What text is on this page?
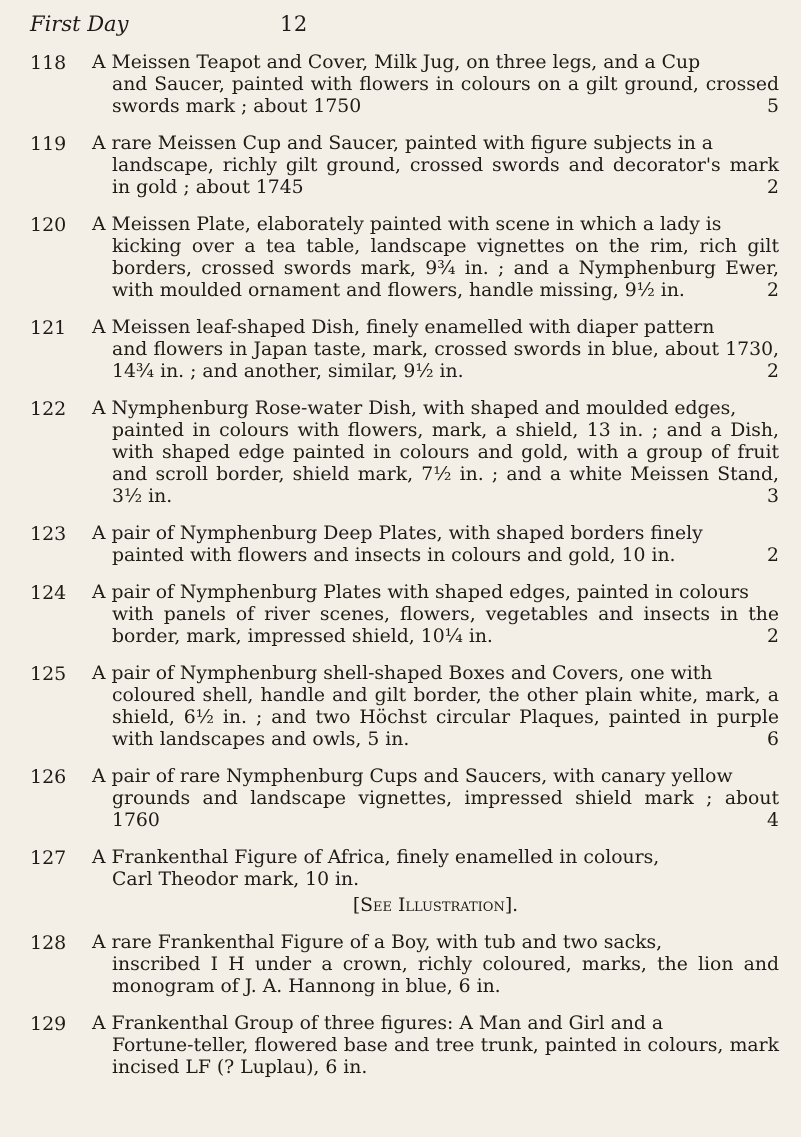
First Day	12
118	A Meissen Teapot and Cover, Milk Jug, on three legs, and a Cup
and Saucer, painted with flowers in colours on a gilt ground, crossed swords mark ; about 1750	5
119	A rare Meissen Cup and Saucer, painted with figure subjects in a
landscape, richly gilt ground, crossed swords and decorator's mark in gold ; about 1745	2
120	A Meissen Plate, elaborately painted with scene in which a lady is
kicking over a tea table, landscape vignettes on the rim, rich gilt borders, crossed swords mark, 9¾ in. ; and a Nymphenburg Ewer, with moulded ornament and flowers, handle missing, 9½ in.	2
121	A Meissen leaf-shaped Dish, finely enamelled with diaper pattern
and flowers in Japan taste, mark, crossed swords in blue, about 1730, 14¾ in. ; and another, similar, 9½ in.	2
122	A Nymphenburg Rose-water Dish, with shaped and moulded edges,
painted in colours with flowers, mark, a shield, 13 in. ; and a Dish, with shaped edge painted in colours and gold, with a group of fruit and scroll border, shield mark, 7½ in. ; and a white Meissen Stand, 3½ in.	3
123	A pair of Nymphenburg Deep Plates, with shaped borders finely
painted with flowers and insects in colours and gold, 10 in.	2
124	A pair of Nymphenburg Plates with shaped edges, painted in colours
with panels of river scenes, flowers, vegetables and insects in the border, mark, impressed shield, 10¼ in.	2
125	A pair of Nymphenburg shell-shaped Boxes and Covers, one with
coloured shell, handle and gilt border, the other plain white, mark, a shield, 6½ in. ; and two Höchst circular Plaques, painted in purple with landscapes and owls, 5 in.	6
126	A pair of rare Nymphenburg Cups and Saucers, with canary yellow
grounds and landscape vignettes, impressed shield mark ; about 1760	4
127	A Frankenthal Figure of Africa, finely enamelled in colours,
Carl Theodor mark, 10 in.
[See Illustration].
128	A rare Frankenthal Figure of a Boy, with tub and two sacks,
inscribed I H under a crown, richly coloured, marks, the lion and monogram of J. A. Hannong in blue, 6 in.
129	A Frankenthal Group of three figures: A Man and Girl and a
Fortune-teller, flowered base and tree trunk, painted in colours, mark incised LF (? Luplau), 6 in.
